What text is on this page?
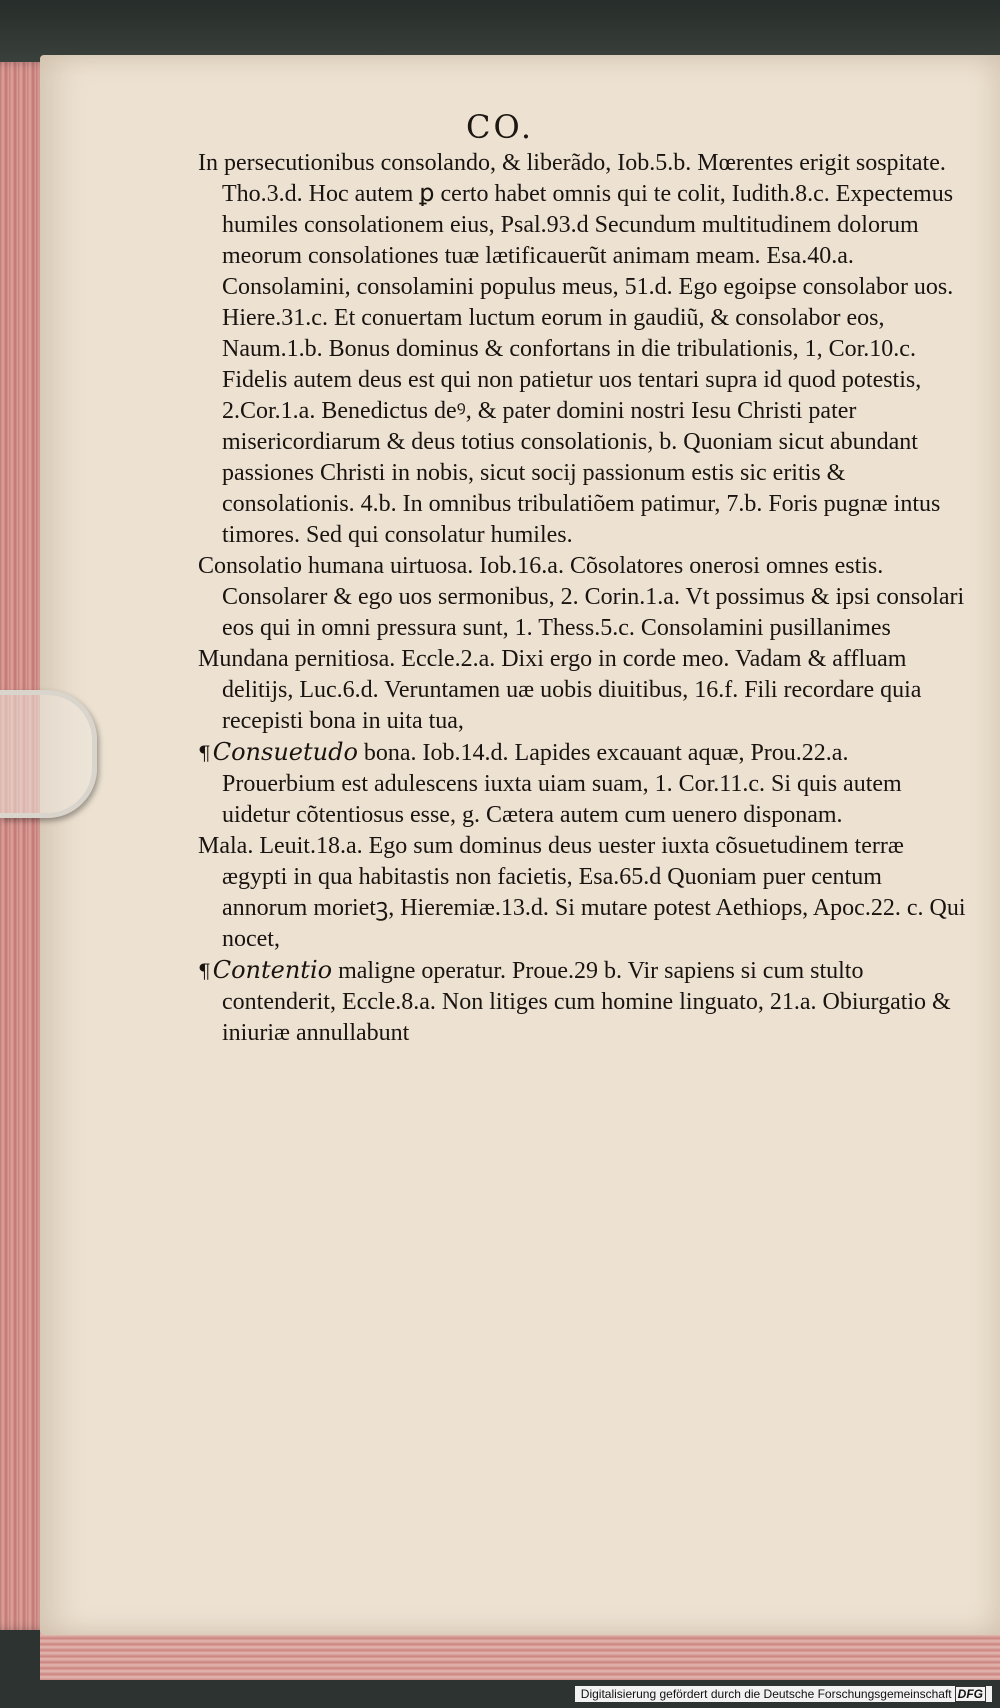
CO.

In persecutionibus consolando, & liberãdo, Iob.5.b. Mœrentes erigit sospitate. Tho.3.d. Hoc autem ꝑ certo habet omnis qui te colit, Iudith.8.c. Expectemus humiles consolationem eius, Psal.93.d Secundum multitudinem dolorum meorum consolationes tuæ lætificauerũt animam meam. Esa.40.a. Consolamini, consolamini populus meus, 51.d. Ego egoipse consolabor uos. Hiere.31.c. Et conuertam luctum eorum in gaudiũ, & consolabor eos, Naum.1.b. Bonus dominus & confortans in die tribulationis, 1, Cor.10.c. Fidelis autem deus est qui non patietur uos tentari supra id quod potestis, 2.Cor.1.a. Benedictus deꝰ, & pater domini nostri Iesu Christi pater misericordiarum & deus totius consolationis, b. Quoniam sicut abundant passiones Christi in nobis, sicut socij passionum estis sic eritis & consolationis. 4.b. In omnibus tribulatiõem patimur, 7.b. Foris pugnæ intus timores. Sed qui consolatur humiles.

Consolatio humana uirtuosa. Iob.16.a. Cõsolatores onerosi omnes estis. Consolarer & ego uos sermonibus, 2. Corin.1.a. Vt possimus & ipsi consolari eos qui in omni pressura sunt, 1. Thess.5.c. Consolamini pusillanimes

Mundana pernitiosa. Eccle.2.a. Dixi ergo in corde meo. Vadam & affluam delitijs, Luc.6.d. Veruntamen uæ uobis diuitibus, 16.f. Fili recordare quia recepisti bona in uita tua,

¶Consuetudo bona. Iob.14.d. Lapides excauant aquæ, Prou.22.a. Prouerbium est adulescens iuxta uiam suam, 1. Cor.11.c. Si quis autem uidetur cõtentiosus esse, g. Cætera autem cum uenero disponam.

Mala. Leuit.18.a. Ego sum dominus deus uester iuxta cõsuetudinem terræ ægypti in qua habitastis non facietis, Esa.65.d Quoniam puer centum annorum morietꝫ, Hieremiæ.13.d. Si mutare potest Aethiops, Apoc.22. c. Qui nocet,

¶Contentio maligne operatur. Proue.29 b. Vir sapiens si cum stulto contenderit, Eccle.8.a. Non litiges cum homine linguato, 21.a. Obiurgatio & iniuriæ annullabunt

Digitalisierung gefördert durch die Deutsche Forschungsgemeinschaft DFG
